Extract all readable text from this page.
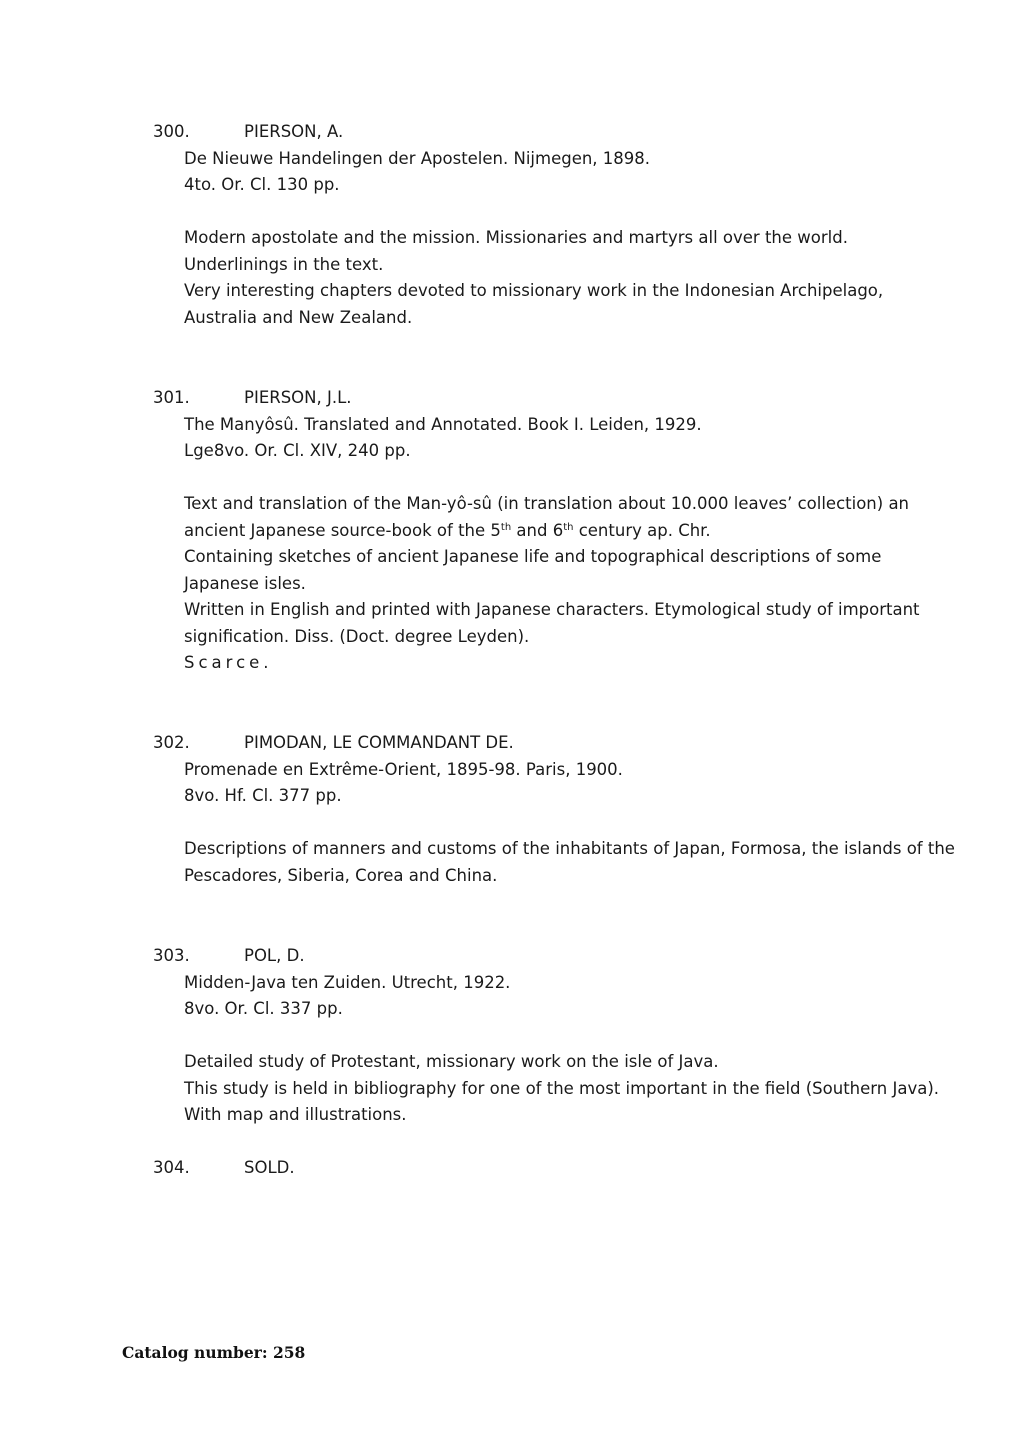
300.	PIERSON, A.
De Nieuwe Handelingen der Apostelen. Nijmegen, 1898.
4to. Or. Cl. 130 pp.
Modern apostolate and the mission. Missionaries and martyrs all over the world.
Underlinings in the text.
Very interesting chapters devoted to missionary work in the Indonesian Archipelago,
Australia and New Zealand.
301.	PIERSON, J.L.
The Manyôsû. Translated and Annotated. Book I. Leiden, 1929.
Lge8vo. Or. Cl. XIV, 240 pp.
Text and translation of the Man-yô-sû (in translation about 10.000 leaves’ collection) an
ancient Japanese source-book of the 5th and 6th century ap. Chr.
Containing sketches of ancient Japanese life and topographical descriptions of some
Japanese isles.
Written in English and printed with Japanese characters. Etymological study of important
signification. Diss. (Doct. degree Leyden).
Scarce.
302.	PIMODAN, LE COMMANDANT DE.
Promenade en Extrême-Orient, 1895-98. Paris, 1900.
8vo. Hf. Cl. 377 pp.
Descriptions of manners and customs of the inhabitants of Japan, Formosa, the islands of the
Pescadores, Siberia, Corea and China.
303.	POL, D.
Midden-Java ten Zuiden. Utrecht, 1922.
8vo. Or. Cl. 337 pp.
Detailed study of Protestant, missionary work on the isle of Java.
This study is held in bibliography for one of the most important in the field (Southern Java).
With map and illustrations.
304.	SOLD.
Catalog number: 258
